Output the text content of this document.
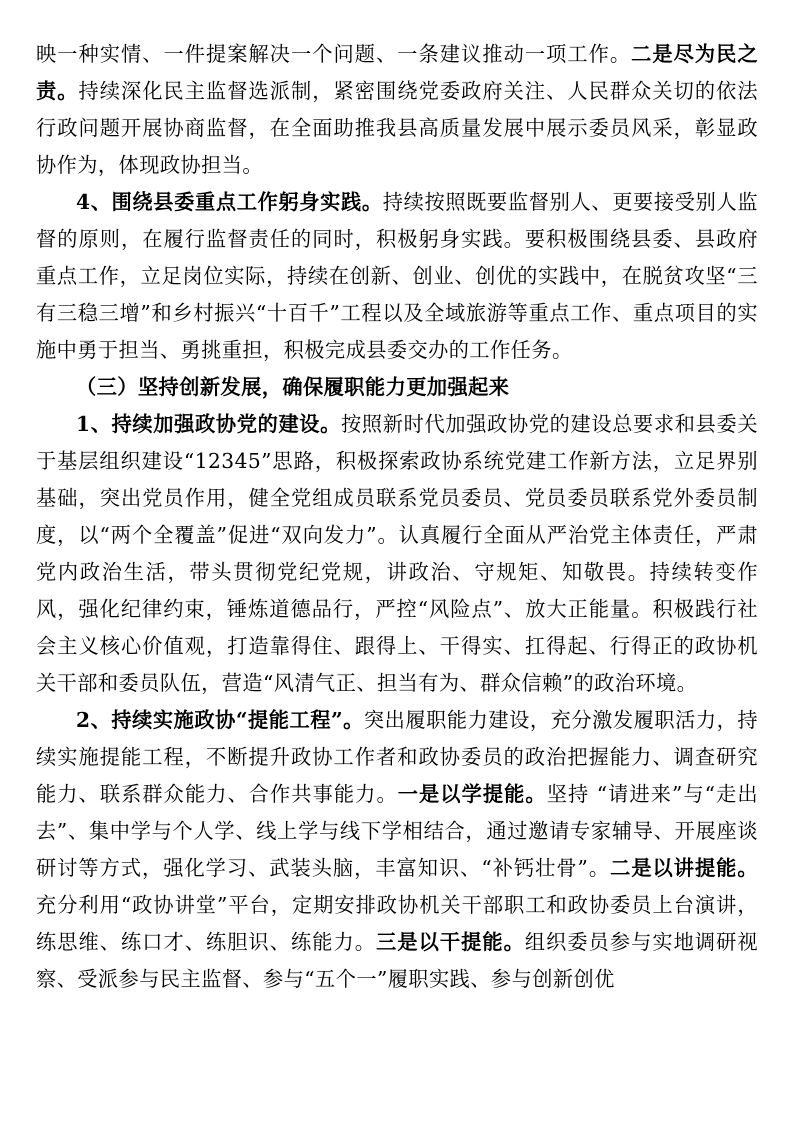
映一种实情、一件提案解决一个问题、一条建议推动一项工作。二是尽为民之责。持续深化民主监督选派制，紧密围绕党委政府关注、人民群众关切的依法行政问题开展协商监督，在全面助推我县高质量发展中展示委员风采，彰显政协作为，体现政协担当。

4、围绕县委重点工作躬身实践。持续按照既要监督别人、更要接受别人监督的原则，在履行监督责任的同时，积极躬身实践。要积极围绕县委、县政府重点工作，立足岗位实际，持续在创新、创业、创优的实践中，在脱贫攻坚“三有三稳三增”和乡村振兴“十百千”工程以及全域旅游等重点工作、重点项目的实施中勇于担当、勇挑重担，积极完成县委交办的工作任务。

（三）坚持创新发展，确保履职能力更加强起来

1、持续加强政协党的建设。按照新时代加强政协党的建设总要求和县委关于基层组织建设“12345”思路，积极探索政协系统党建工作新方法，立足界别基础，突出党员作用，健全党组成员联系党员委员、党员委员联系党外委员制度，以“两个全覆盖”促进“双向发力”。认真履行全面从严治党主体责任，严肃党内政治生活，带头贯彻党纪党规，讲政治、守规矩、知敬畏。持续转变作风，强化纪律约束，锤炼道德品行，严控“风险点”、放大正能量。积极践行社会主义核心价值观，打造靠得住、跟得上、干得实、扛得起、行得正的政协机关干部和委员队伍，营造“风清气正、担当有为、群众信赖”的政治环境。

2、持续实施政协“提能工程”。突出履职能力建设，充分激发履职活力，持续实施提能工程，不断提升政协工作者和政协委员的政治把握能力、调查研究能力、联系群众能力、合作共事能力。一是以学提能。坚持 “请进来”与“走出去”、集中学与个人学、线上学与线下学相结合，通过邀请专家辅导、开展座谈研讨等方式，强化学习、武装头脑，丰富知识、“补钙壮骨”。二是以讲提能。充分利用“政协讲堂”平台，定期安排政协机关干部职工和政协委员上台演讲，练思维、练口才、练胆识、练能力。三是以干提能。组织委员参与实地调研视察、受派参与民主监督、参与“五个一”履职实践、参与创新创优
